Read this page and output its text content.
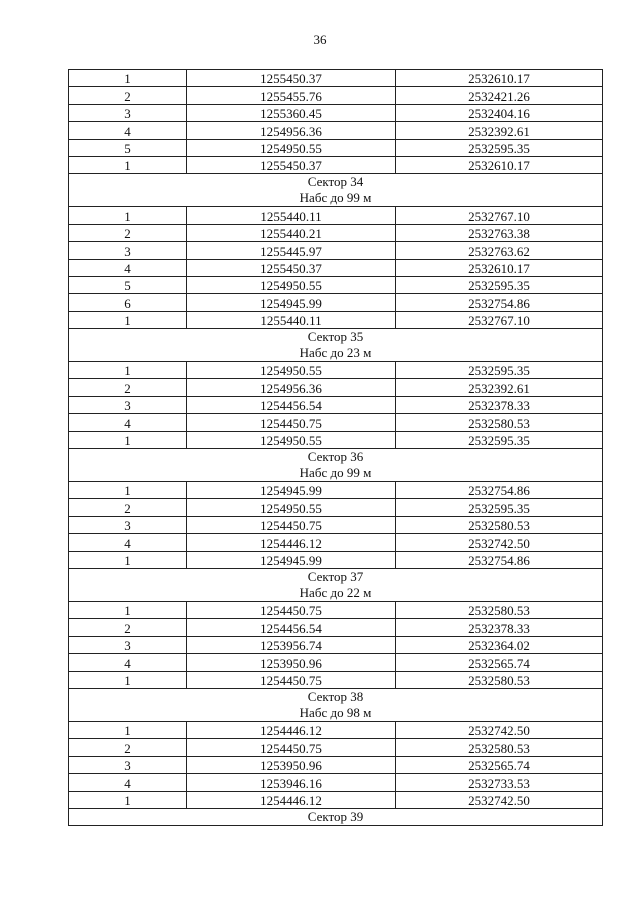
36
1	1255450.37	2532610.17
2	1255455.76	2532421.26
3	1255360.45	2532404.16
4	1254956.36	2532392.61
5	1254950.55	2532595.35
1	1255450.37	2532610.17

Сектор 34
Набс до 99 м		

1	1255440.11	2532767.10
2	1255440.21	2532763.38
3	1255445.97	2532763.62
4	1255450.37	2532610.17
5	1254950.55	2532595.35
6	1254945.99	2532754.86
1	1255440.11	2532767.10

Сектор 35
Набс до 23 м		

1	1254950.55	2532595.35
2	1254956.36	2532392.61
3	1254456.54	2532378.33
4	1254450.75	2532580.53
1	1254950.55	2532595.35

Сектор 36
Набс до 99 м		

1	1254945.99	2532754.86
2	1254950.55	2532595.35
3	1254450.75	2532580.53
4	1254446.12	2532742.50
1	1254945.99	2532754.86

Сектор 37
Набс до 22 м		

1	1254450.75	2532580.53
2	1254456.54	2532378.33
3	1253956.74	2532364.02
4	1253950.96	2532565.74
1	1254450.75	2532580.53

Сектор 38
Набс до 98 м		

1	1254446.12	2532742.50
2	1254450.75	2532580.53
3	1253950.96	2532565.74
4	1253946.16	2532733.53
1	1254446.12	2532742.50

Сектор 39		
